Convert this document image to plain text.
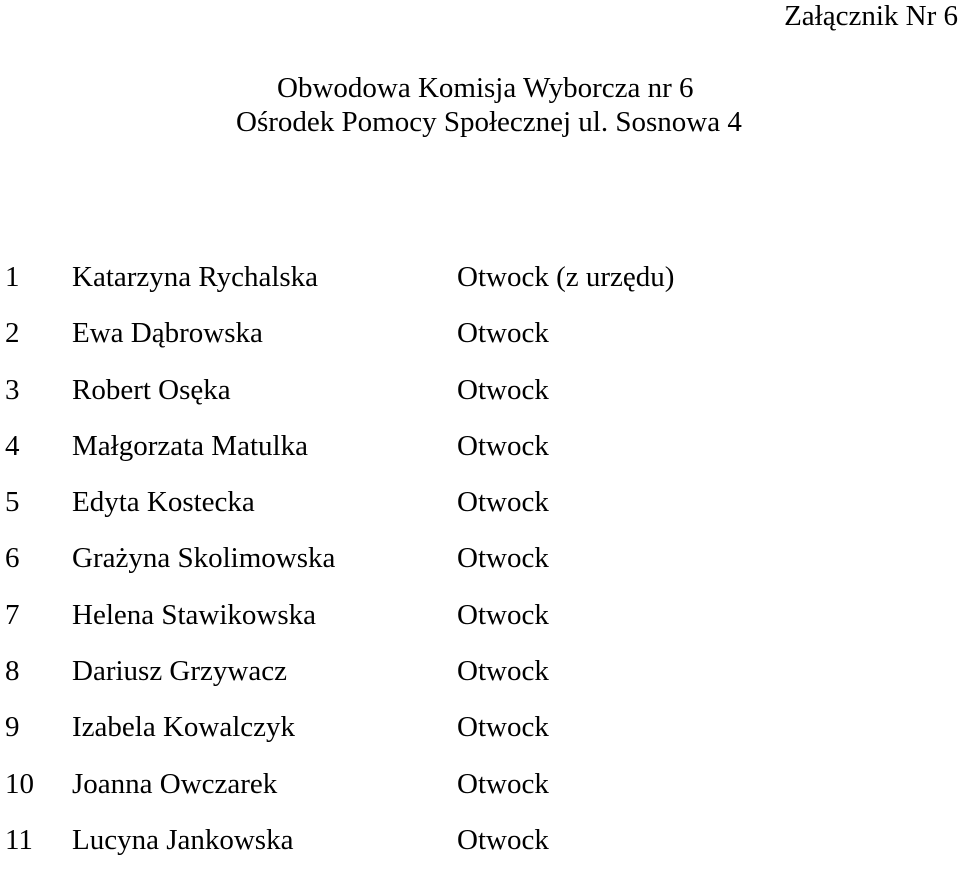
Załącznik Nr 6
Obwodowa Komisja Wyborcza nr 6
Ośrodek Pomocy Społecznej ul. Sosnowa 4
1 Katarzyna Rychalska	Otwock (z urzędu)
2 Ewa Dąbrowska	Otwock
3 Robert Osęka	Otwock
4 Małgorzata Matulka	Otwock
5 Edyta Kostecka	Otwock
6 Grażyna Skolimowska	Otwock
7 Helena Stawikowska	Otwock
8 Dariusz Grzywacz	Otwock
9 Izabela Kowalczyk	Otwock
10 Joanna Owczarek	Otwock
11 Lucyna Jankowska	Otwock
